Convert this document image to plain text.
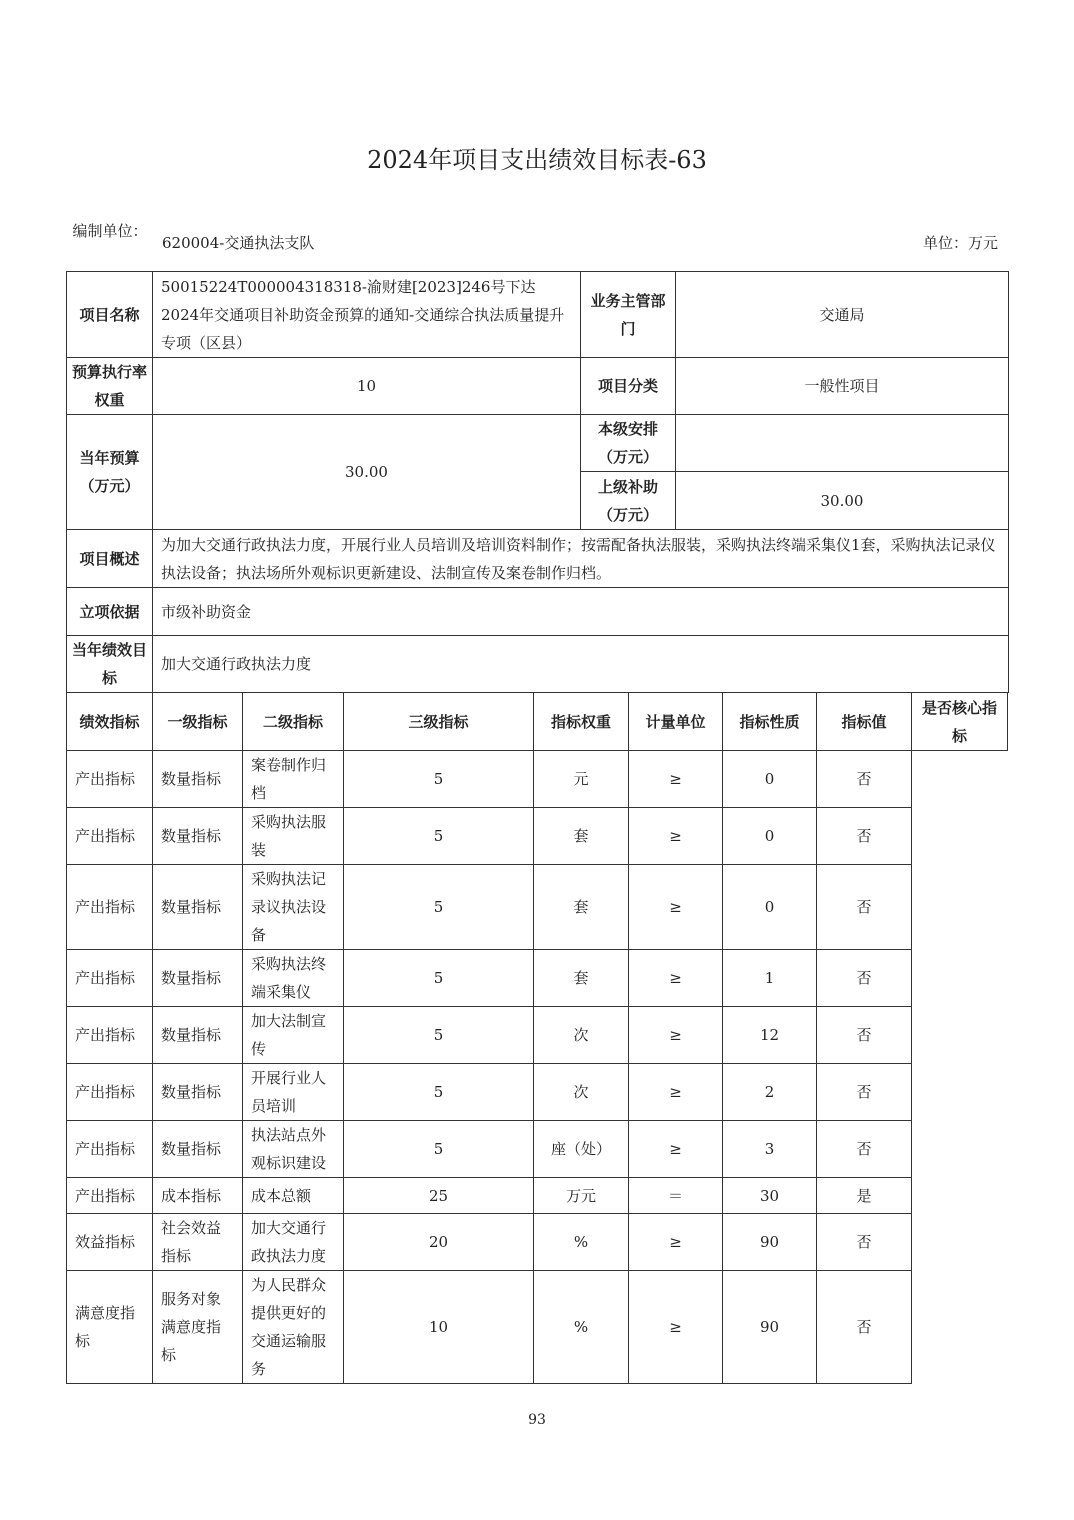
2024年项目支出绩效目标表-63
编制单位：
620004-交通执法支队	单位：万元
项目名称	50015224T000004318318-渝财建[2023]246号下达2024年交通项目补助资金预算的通知-交通综合执法质量提升专项（区县）	业务主管部门	交通局
预算执行率权重	10	项目分类	一般性项目
当年预算（万元）	30.00	本级安排（万元）	
		上级补助（万元）	30.00
项目概述	为加大交通行政执法力度，开展行业人员培训及培训资料制作；按需配备执法服装，采购执法终端采集仪1套，采购执法记录仪执法设备；执法场所外观标识更新建设、法制宣传及案卷制作归档。		
立项依据	市级补助资金		
当年绩效目标	加大交通行政执法力度		
绩效指标	一级指标	二级指标	三级指标	指标权重	计量单位	指标性质	指标值	是否核心指标
产出指标	数量指标	案卷制作归档	5	元	≥	0	否	
产出指标	数量指标	采购执法服装	5	套	≥	0	否	
产出指标	数量指标	采购执法记录议执法设备	5	套	≥	0	否	
产出指标	数量指标	采购执法终端采集仪	5	套	≥	1	否	
产出指标	数量指标	加大法制宣传	5	次	≥	12	否	
产出指标	数量指标	开展行业人员培训	5	次	≥	2	否	
产出指标	数量指标	执法站点外观标识建设	5	座（处）	≥	3	否	
产出指标	成本指标	成本总额	25	万元	＝	30	是	
效益指标	社会效益指标	加大交通行政执法力度	20	%	≥	90	否	
满意度指标	服务对象满意度指标	为人民群众提供更好的交通运输服务	10	%	≥	90	否	
93
